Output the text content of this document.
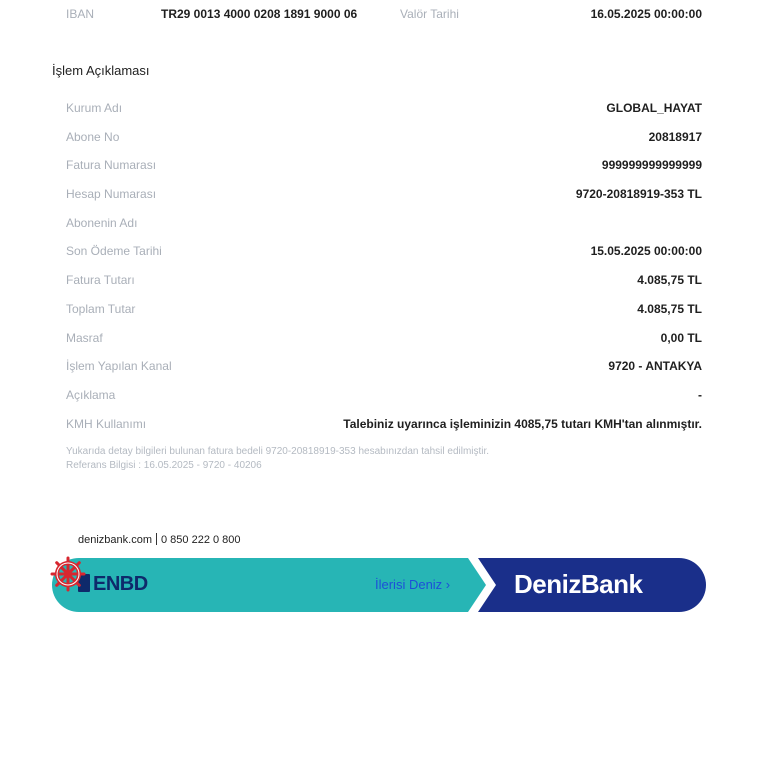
IBAN	TR29 0013 4000 0208 1891 9000 06	Valör Tarihi	16.05.2025 00:00:00
İşlem Açıklaması
Kurum Adı	GLOBAL_HAYAT
Abone No	20818917
Fatura Numarası	999999999999999
Hesap Numarası	9720-20818919-353 TL
Abonenin Adı
Son Ödeme Tarihi	15.05.2025 00:00:00
Fatura Tutarı	4.085,75 TL
Toplam Tutar	4.085,75 TL
Masraf	0,00 TL
İşlem Yapılan Kanal	9720 - ANTAKYA
Açıklama	-
KMH Kullanımı	Talebiniz uyarınca işleminizin 4085,75 tutarı KMH'tan alınmıştır.
Yukarıda detay bilgileri bulunan fatura bedeli 9720-20818919-353 hesabınızdan tahsil edilmiştir.
Referans Bilgisi : 16.05.2025 - 9720 - 40206
denizbank.com 0 850 222 0 800
ENBD	İlerisi Deniz › DenizBank
